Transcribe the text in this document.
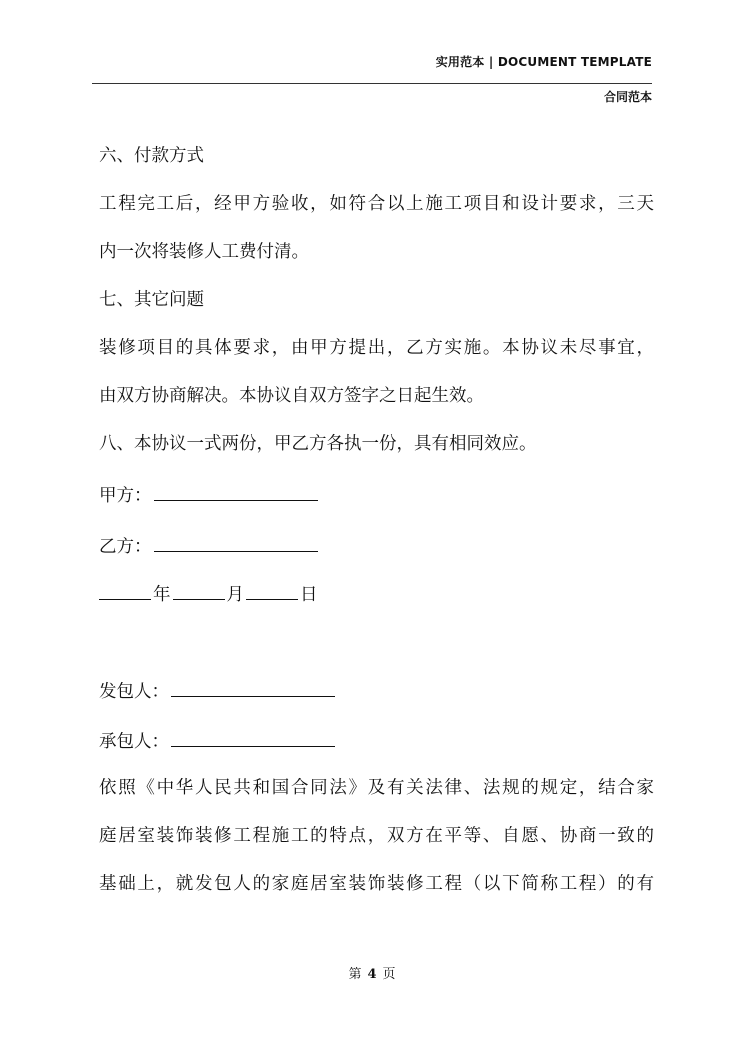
实用范本 | DOCUMENT TEMPLATE
合同范本
六、付款方式
工程完工后，经甲方验收，如符合以上施工项目和设计要求，三天
内一次将装修人工费付清。
七、其它问题
装修项目的具体要求，由甲方提出，乙方实施。本协议未尽事宜，
由双方协商解决。本协议自双方签字之日起生效。
八、本协议一式两份，甲乙方各执一份，具有相同效应。
甲方：
乙方：
年	月	日
发包人：
承包人：
依照《中华人民共和国合同法》及有关法律、法规的规定，结合家
庭居室装饰装修工程施工的特点，双方在平等、自愿、协商一致的
基础上，就发包人的家庭居室装饰装修工程（以下简称工程）的有
第 4 页
